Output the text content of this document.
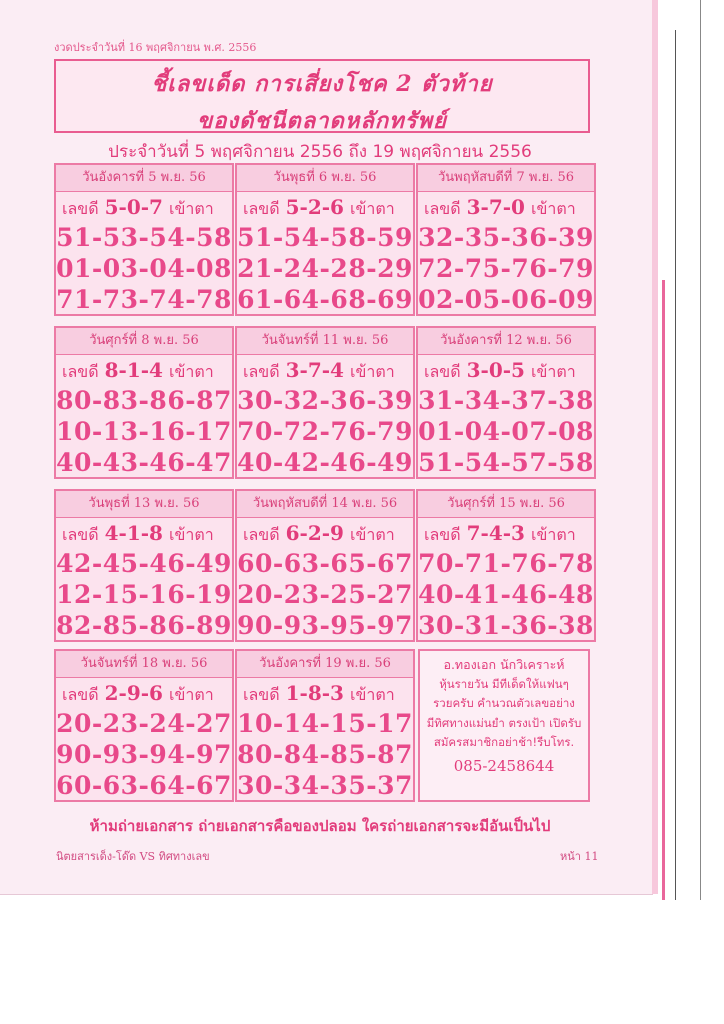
งวดประจำวันที่ 16 พฤศจิกายน พ.ศ. 2556
ชี้เลขเด็ด การเสี่ยงโชค 2 ตัวท้าย
ของดัชนีตลาดหลักทรัพย์
ประจำวันที่ 5 พฤศจิกายน 2556 ถึง 19 พฤศจิกายน 2556
วันอังคารที่ 5 พ.ย. 56
เลขดี 5-0-7 เข้าตา
51-53-54-58
01-03-04-08
71-73-74-78
วันพุธที่ 6 พ.ย. 56
เลขดี 5-2-6 เข้าตา
51-54-58-59
21-24-28-29
61-64-68-69
วันพฤหัสบดีที่ 7 พ.ย. 56
เลขดี 3-7-0 เข้าตา
32-35-36-39
72-75-76-79
02-05-06-09
วันศุกร์ที่ 8 พ.ย. 56
เลขดี 8-1-4 เข้าตา
80-83-86-87
10-13-16-17
40-43-46-47
วันจันทร์ที่ 11 พ.ย. 56
เลขดี 3-7-4 เข้าตา
30-32-36-39
70-72-76-79
40-42-46-49
วันอังคารที่ 12 พ.ย. 56
เลขดี 3-0-5 เข้าตา
31-34-37-38
01-04-07-08
51-54-57-58
วันพุธที่ 13 พ.ย. 56
เลขดี 4-1-8 เข้าตา
42-45-46-49
12-15-16-19
82-85-86-89
วันพฤหัสบดีที่ 14 พ.ย. 56
เลขดี 6-2-9 เข้าตา
60-63-65-67
20-23-25-27
90-93-95-97
วันศุกร์ที่ 15 พ.ย. 56
เลขดี 7-4-3 เข้าตา
70-71-76-78
40-41-46-48
30-31-36-38
วันจันทร์ที่ 18 พ.ย. 56
เลขดี 2-9-6 เข้าตา
20-23-24-27
90-93-94-97
60-63-64-67
วันอังคารที่ 19 พ.ย. 56
เลขดี 1-8-3 เข้าตา
10-14-15-17
80-84-85-87
30-34-35-37
อ.ทองเอก นักวิเคราะห์
หุ้นรายวัน มีทีเด็ดให้แฟนๆ
รวยครับ คำนวณตัวเลขอย่าง
มีทิศทางแม่นยำ ตรงเป้า เปิดรับ
สมัครสมาชิกอย่าช้า!รีบโทร.
085-2458644
ห้ามถ่ายเอกสาร ถ่ายเอกสารคือของปลอม ใครถ่ายเอกสารจะมีอันเป็นไป
นิตยสารเด็ง-โด๊ด VS ทิศทางเลข	หน้า 11
